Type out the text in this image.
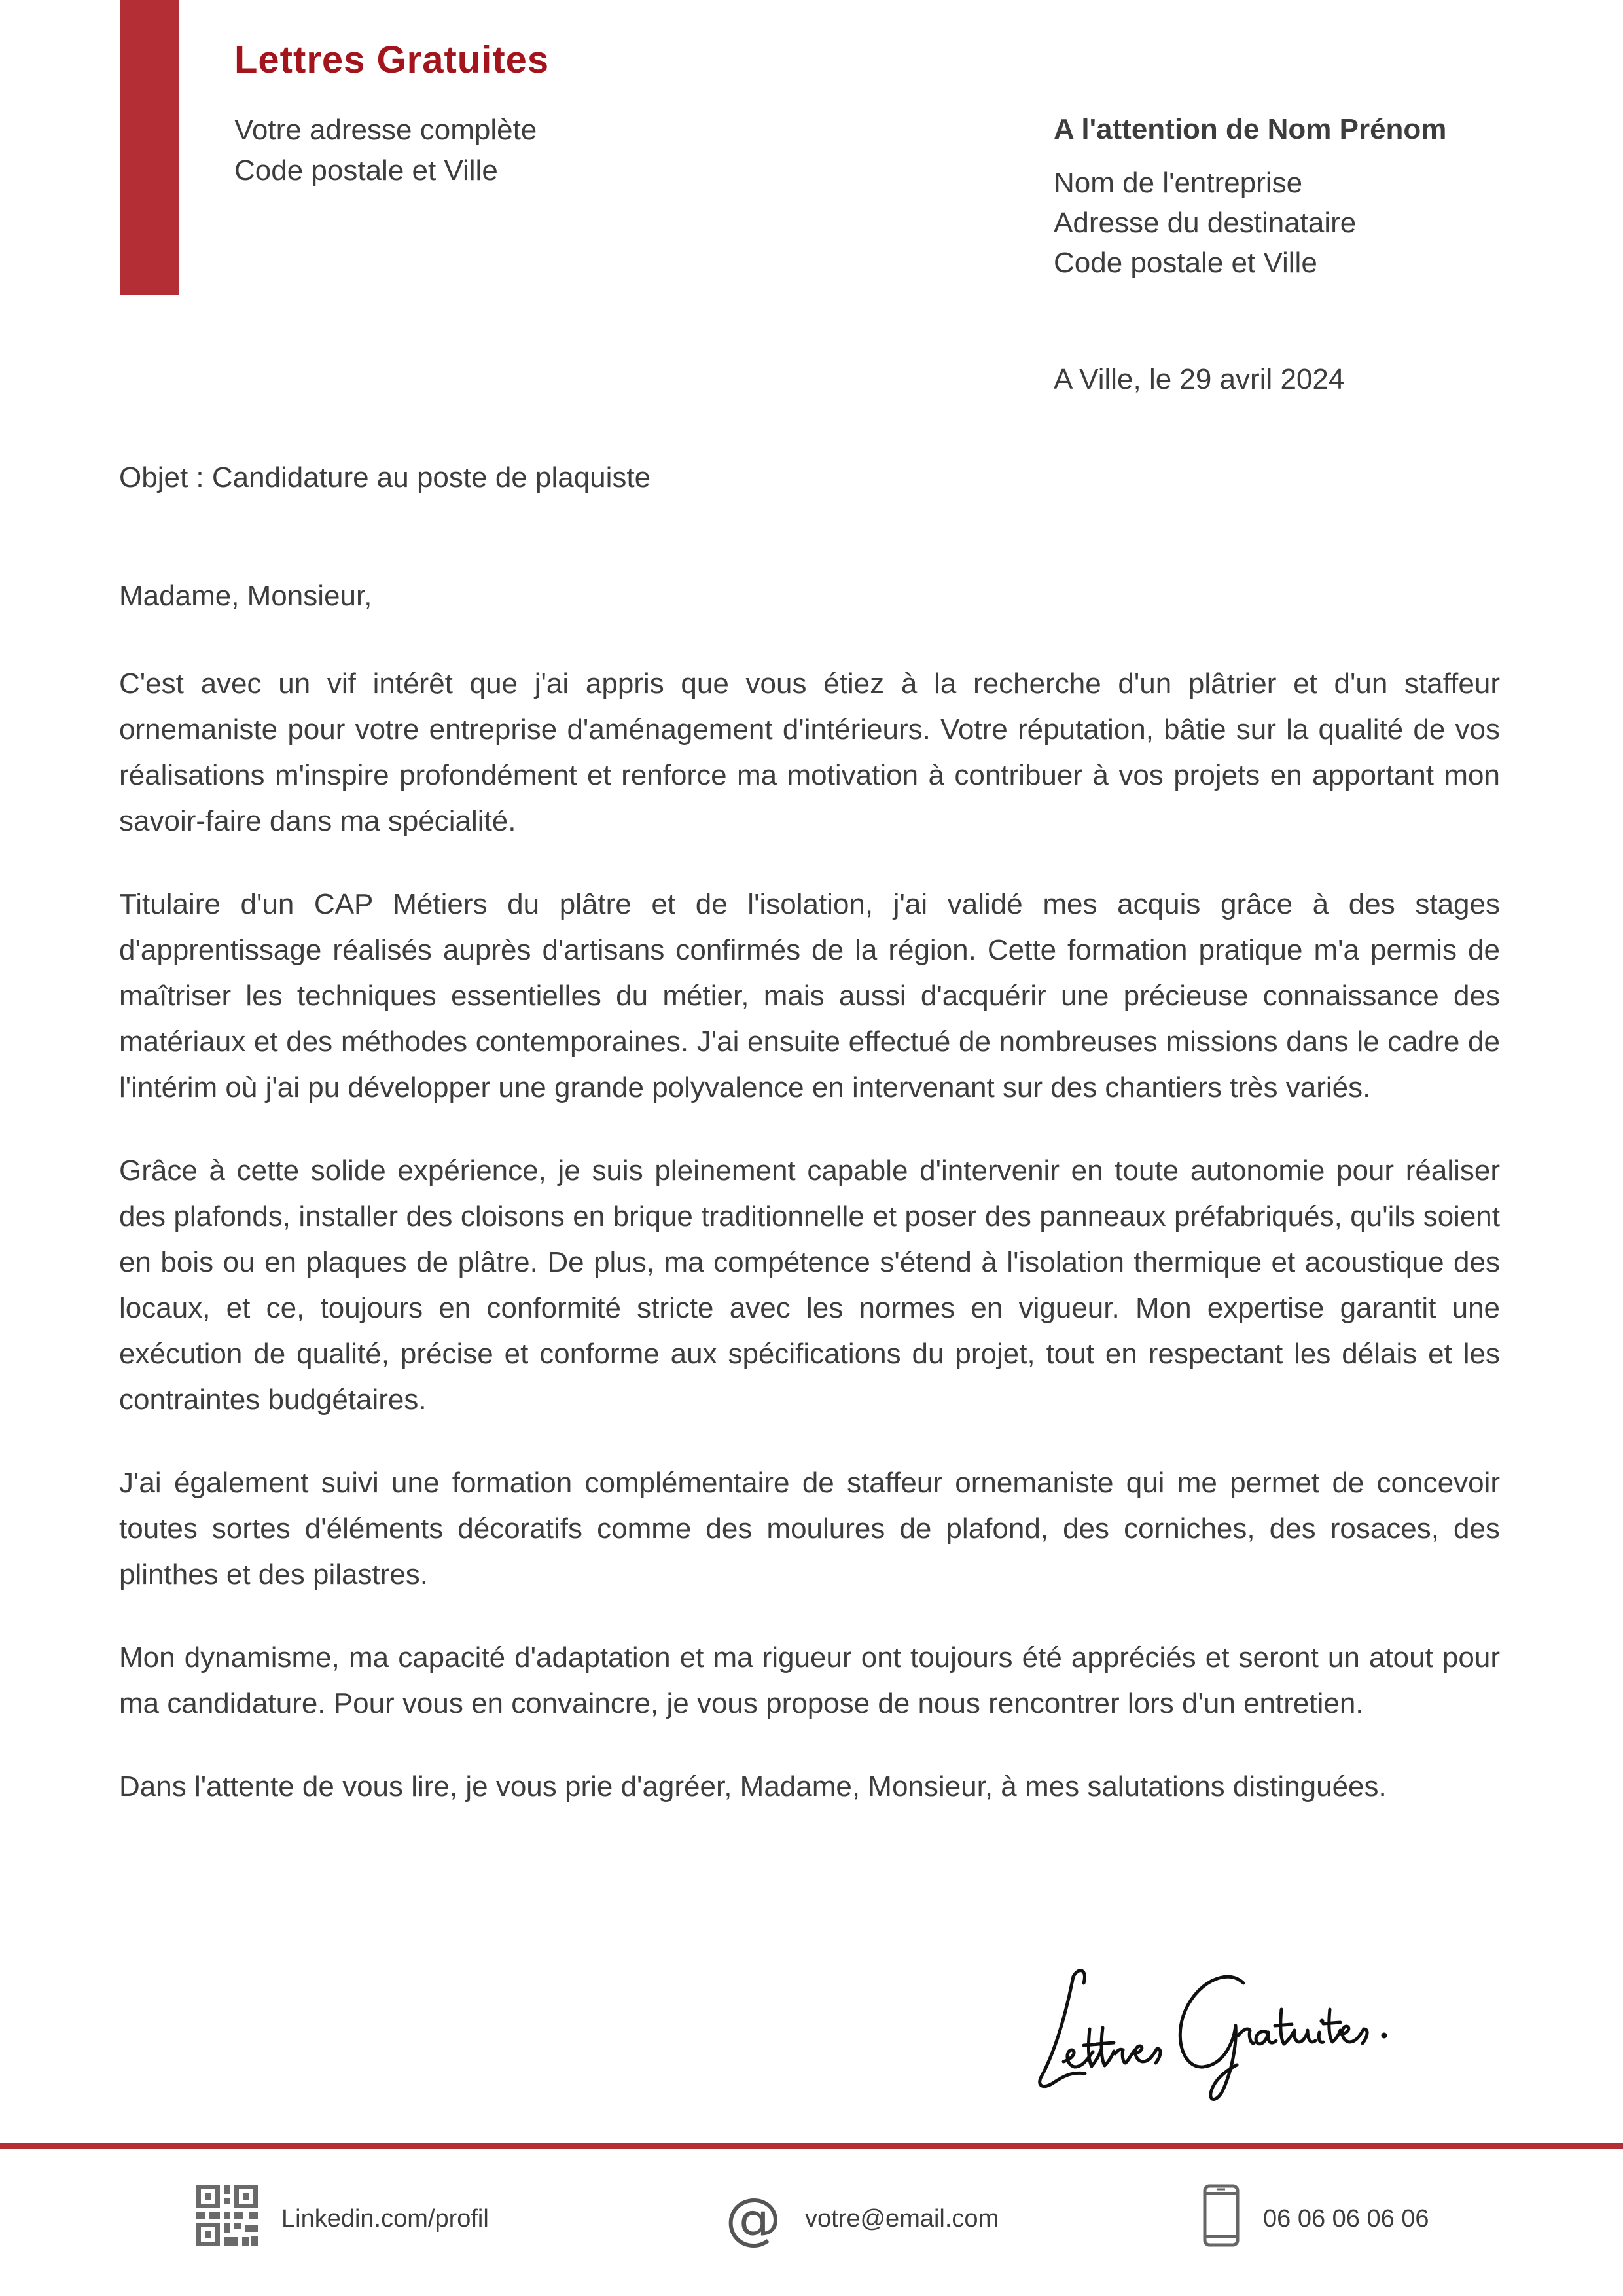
Lettres Gratuites
Votre adresse complète
Code postale et Ville
A l'attention de Nom Prénom
Nom de l'entreprise
Adresse du destinataire
Code postale et Ville
A Ville, le 29 avril 2024
Objet : Candidature au poste de plaquiste
Madame, Monsieur,

C'est avec un vif intérêt que j'ai appris que vous étiez à la recherche d'un plâtrier et d'un staffeur ornemaniste pour votre entreprise d'aménagement d'intérieurs. Votre réputation, bâtie sur la qualité de vos réalisations m'inspire profondément et renforce ma motivation à contribuer à vos projets en apportant mon savoir-faire dans ma spécialité.

Titulaire d'un CAP Métiers du plâtre et de l'isolation, j'ai validé mes acquis grâce à des stages d'apprentissage réalisés auprès d'artisans confirmés de la région. Cette formation pratique m'a permis de maîtriser les techniques essentielles du métier, mais aussi d'acquérir une précieuse connaissance des matériaux et des méthodes contemporaines. J'ai ensuite effectué de nombreuses missions dans le cadre de l'intérim où j'ai pu développer une grande polyvalence en intervenant sur des chantiers très variés.

Grâce à cette solide expérience, je suis pleinement capable d'intervenir en toute autonomie pour réaliser des plafonds, installer des cloisons en brique traditionnelle et poser des panneaux préfabriqués, qu'ils soient en bois ou en plaques de plâtre. De plus, ma compétence s'étend à l'isolation thermique et acoustique des locaux, et ce, toujours en conformité stricte avec les normes en vigueur. Mon expertise garantit une exécution de qualité, précise et conforme aux spécifications du projet, tout en respectant les délais et les contraintes budgétaires.

J'ai également suivi une formation complémentaire de staffeur ornemaniste qui me permet de concevoir toutes sortes d'éléments décoratifs comme des moulures de plafond, des corniches, des rosaces, des plinthes et des pilastres.

Mon dynamisme, ma capacité d'adaptation et ma rigueur ont toujours été appréciés et seront un atout pour ma candidature. Pour vous en convaincre, je vous propose de nous rencontrer lors d'un entretien.

Dans l'attente de vous lire, je vous prie d'agréer, Madame, Monsieur, à mes salutations distinguées.

Linkedin.com/profil	@ votre@email.com	06 06 06 06 06
